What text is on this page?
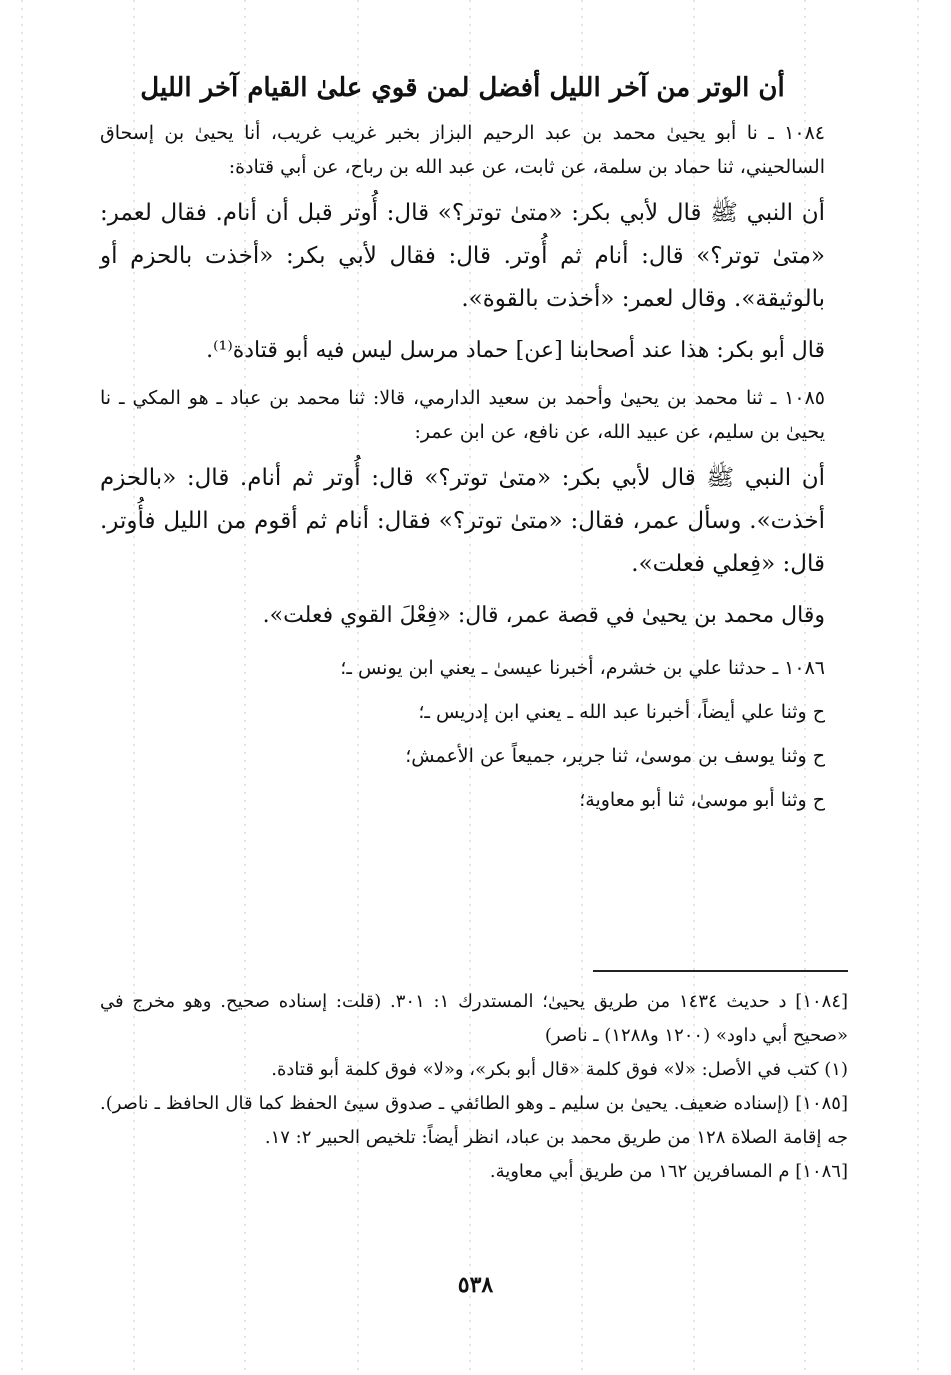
أن الوتر من آخر الليل أفضل لمن قوي علىٰ القيام آخر الليل

١٠٨٤ ـ نا أبو يحيىٰ محمد بن عبد الرحيم البزاز بخبر غريب غريب، أنا يحيىٰ بن إسحاق السالحيني، ثنا حماد بن سلمة، عن ثابت، عن عبد الله بن رباح، عن أبي قتادة:

أن النبي ﷺ قال لأبي بكر: «متىٰ توتر؟» قال: أُوتر قبل أن أنام. فقال لعمر: «متىٰ توتر؟» قال: أنام ثم أُوتر. قال: فقال لأبي بكر: «أخذت بالحزم أو بالوثيقة». وقال لعمر: «أخذت بالقوة».

قال أبو بكر: هذا عند أصحابنا [عن] حماد مرسل ليس فيه أبو قتادة⁽¹⁾.

١٠٨٥ ـ ثنا محمد بن يحيىٰ وأحمد بن سعيد الدارمي، قالا: ثنا محمد بن عباد ـ هو المكي ـ نا يحيىٰ بن سليم، عن عبيد الله، عن نافع، عن ابن عمر:

أن النبي ﷺ قال لأبي بكر: «متىٰ توتر؟» قال: أُوتر ثم أنام. قال: «بالحزم أخذت». وسأل عمر، فقال: «متىٰ توتر؟» فقال: أنام ثم أقوم من الليل فأُوتر. قال: «فِعلي فعلت».

وقال محمد بن يحيىٰ في قصة عمر، قال: «فِعْلَ القوي فعلت».

١٠٨٦ ـ حدثنا علي بن خشرم، أخبرنا عيسىٰ ـ يعني ابن يونس ـ؛

ح وثنا علي أيضاً، أخبرنا عبد الله ـ يعني ابن إدريس ـ؛

ح وثنا يوسف بن موسىٰ، ثنا جرير، جميعاً عن الأعمش؛

ح وثنا أبو موسىٰ، ثنا أبو معاوية؛

[١٠٨٤] د حديث ١٤٣٤ من طريق يحيىٰ؛ المستدرك ١: ٣٠١. (قلت: إسناده صحيح. وهو مخرج في «صحيح أبي داود» (١٢٠٠ و١٢٨٨) ـ ناصر)

(١) كتب في الأصل: «لا» فوق كلمة «قال أبو بكر»، و«لا» فوق كلمة أبو قتادة.

[١٠٨٥] (إسناده ضعيف. يحيىٰ بن سليم ـ وهو الطائفي ـ صدوق سيئ الحفظ كما قال الحافظ ـ ناصر). جه إقامة الصلاة ١٢٨ من طريق محمد بن عباد، انظر أيضاً: تلخيص الحبير ٢: ١٧.

[١٠٨٦] م المسافرين ١٦٢ من طريق أبي معاوية.

٥٣٨
